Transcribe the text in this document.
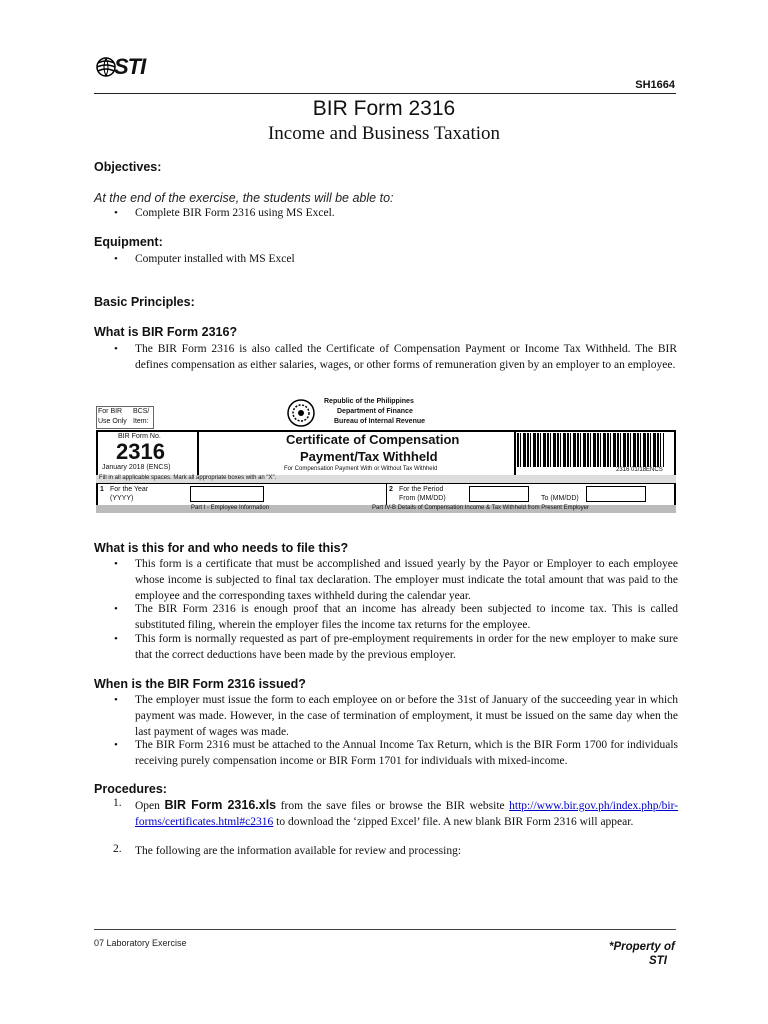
STI
SH1664
BIR Form 2316
Income and Business Taxation
Objectives:
At the end of the exercise, the students will be able to:
• Complete BIR Form 2316 using MS Excel.
Equipment:
• Computer installed with MS Excel
Basic Principles:
What is BIR Form 2316?
• The BIR Form 2316 is also called the Certificate of Compensation Payment or Income Tax Withheld. The BIR defines compensation as either salaries, wages, or other forms of remuneration given by an employer to an employee.
Republic of the Philippines
Department of Finance
Bureau of Internal Revenue
For BIR
Use Only
BCS/
Item:
BIR Form No.
2316
January 2018 (ENCS)
Certificate of Compensation
Payment/Tax Withheld
For Compensation Payment With or Without Tax Withheld	2316 01/18ENCS
Fill in all applicable spaces. Mark all appropriate boxes with an "X".
1 For the Year
(YYYY)
2 For the Period
From (MM/DD)	To (MM/DD)
Part I - Employee Information	Part IV-B Details of Compensation Income & Tax Withheld from Present Employer
What is this for and who needs to file this?
• This form is a certificate that must be accomplished and issued yearly by the Payor or Employer to each employee whose income is subjected to final tax declaration. The employer must indicate the total amount that was paid to the employee and the corresponding taxes withheld during the calendar year.
• The BIR Form 2316 is enough proof that an income has already been subjected to income tax. This is called substituted filing, wherein the employer files the income tax returns for the employee.
• This form is normally requested as part of pre-employment requirements in order for the new employer to make sure that the correct deductions have been made by the previous employer.
When is the BIR Form 2316 issued?
• The employer must issue the form to each employee on or before the 31st of January of the succeeding year in which payment was made. However, in the case of termination of employment, it must be issued on the same day when the last payment of wages was made.
• The BIR Form 2316 must be attached to the Annual Income Tax Return, which is the BIR Form 1700 for individuals receiving purely compensation income or BIR Form 1701 for individuals with mixed-income.
Procedures:
1. Open BIR Form 2316.xls from the save files or browse the BIR website http://www.bir.gov.ph/index.php/bir-forms/certificates.html#c2316 to download the ‘zipped Excel’ file. A new blank BIR Form 2316 will appear.
2. The following are the information available for review and processing:
07 Laboratory Exercise	*Property of
STI
